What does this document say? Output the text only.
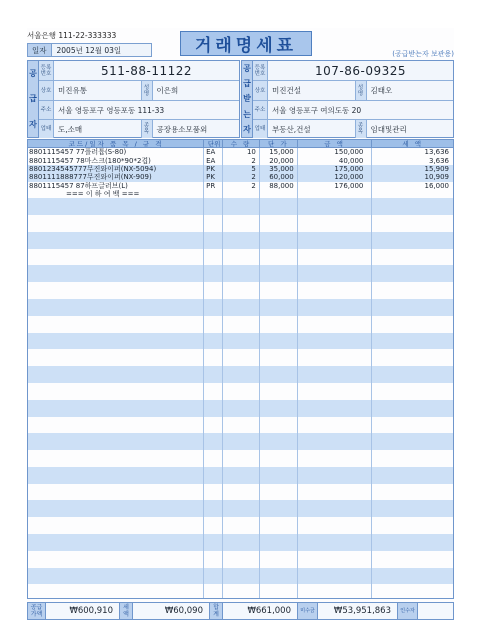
서울은행 111-22-333333
일자	2005년 12월 03일	거래명세표	(공급받는자 보관용)
공
급
자
등록번호	511-88-11122
상호 미진유통	성명 이은희
주소 서울 영등포구 영등포동 111-33
업태 도,소매	종목 공장용소모품외
공
급
받
는
자
등록번호	107-86-09325
상호 미진건설	성명 김태오
주소 서울 영등포구 여의도동 20
업태 부동산,건설	종목 임대및관리
코드/일자 품 목 / 규 격	단위	수 량	단 가	금 액	세 액
8801115457 77플러튬(S-80)	EA	10	15,000	150,000	13,636
8801115457 78마스크(180*90*2겹)	EA	2	20,000	40,000	3,636
8801234545777무진와이퍼(NX-5094)	PK	5	35,000	175,000	15,909
8801111888777무진와이퍼(NX-909)	PK	2	60,000	120,000	10,909
8801115457 87하프글러브(L)	PR	2	88,000	176,000	16,000
=== 이 하 여 백 ===
공급가액	₩600,910	세액	₩60,090	합계	₩661,000	미수금	₩53,951,863	인수자
